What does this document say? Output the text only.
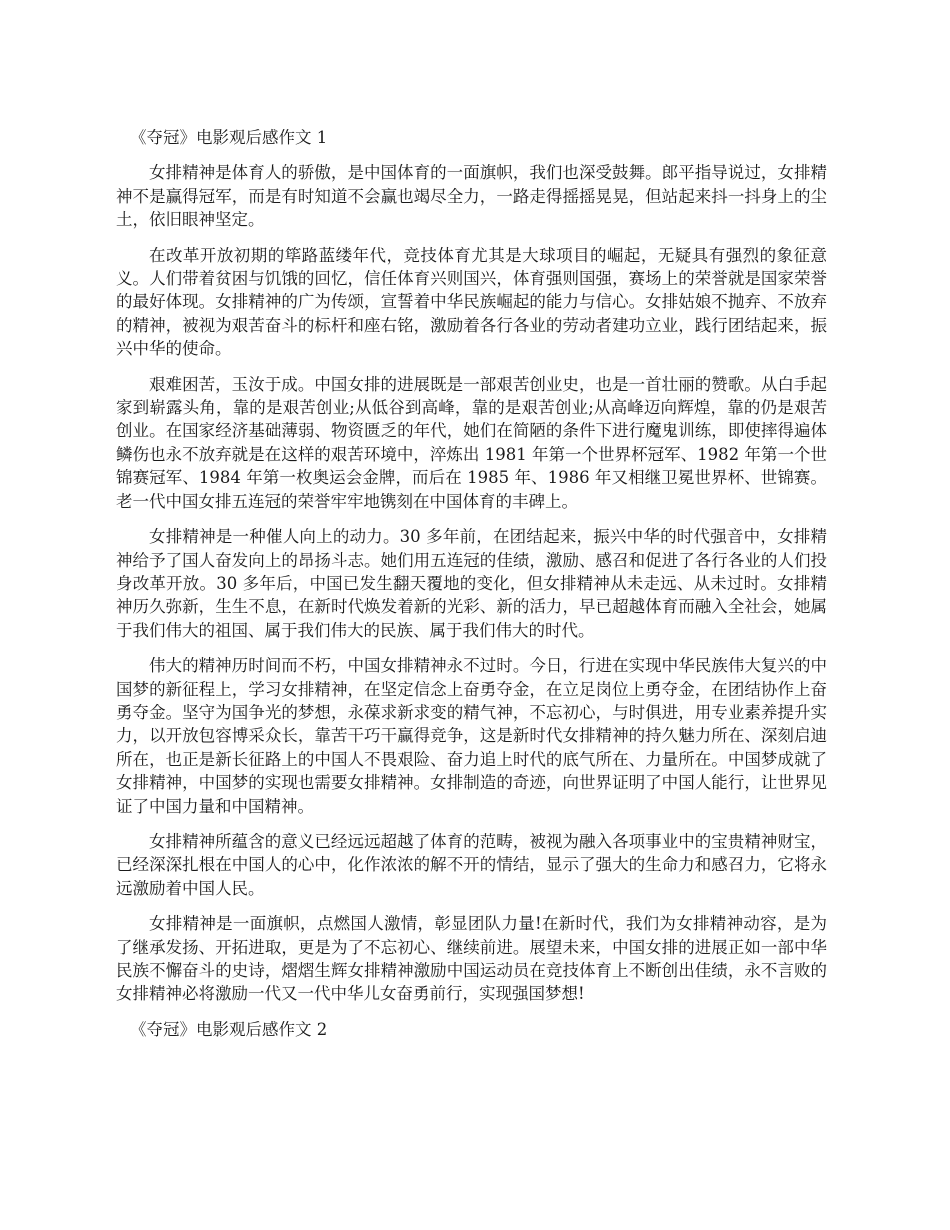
《夺冠》电影观后感作文 1

女排精神是体育人的骄傲，是中国体育的一面旗帜，我们也深受鼓舞。郎平指导说过，女排精神不是赢得冠军，而是有时知道不会赢也竭尽全力，一路走得摇摇晃晃，但站起来抖一抖身上的尘土，依旧眼神坚定。

在改革开放初期的筚路蓝缕年代，竞技体育尤其是大球项目的崛起，无疑具有强烈的象征意义。人们带着贫困与饥饿的回忆，信任体育兴则国兴，体育强则国强，赛场上的荣誉就是国家荣誉的最好体现。女排精神的广为传颂，宣誓着中华民族崛起的能力与信心。女排姑娘不抛弃、不放弃的精神，被视为艰苦奋斗的标杆和座右铭，激励着各行各业的劳动者建功立业，践行团结起来，振兴中华的使命。

艰难困苦，玉汝于成。中国女排的进展既是一部艰苦创业史，也是一首壮丽的赞歌。从白手起家到崭露头角，靠的是艰苦创业;从低谷到高峰，靠的是艰苦创业;从高峰迈向辉煌，靠的仍是艰苦创业。在国家经济基础薄弱、物资匮乏的年代，她们在简陋的条件下进行魔鬼训练，即使摔得遍体鳞伤也永不放弃就是在这样的艰苦环境中，淬炼出 1981 年第一个世界杯冠军、1982 年第一个世锦赛冠军、1984 年第一枚奥运会金牌，而后在 1985 年、1986 年又相继卫冕世界杯、世锦赛。老一代中国女排五连冠的荣誉牢牢地镌刻在中国体育的丰碑上。

女排精神是一种催人向上的动力。30 多年前，在团结起来，振兴中华的时代强音中，女排精神给予了国人奋发向上的昂扬斗志。她们用五连冠的佳绩，激励、感召和促进了各行各业的人们投身改革开放。30 多年后，中国已发生翻天覆地的变化，但女排精神从未走远、从未过时。女排精神历久弥新，生生不息，在新时代焕发着新的光彩、新的活力，早已超越体育而融入全社会，她属于我们伟大的祖国、属于我们伟大的民族、属于我们伟大的时代。

伟大的精神历时间而不朽，中国女排精神永不过时。今日，行进在实现中华民族伟大复兴的中国梦的新征程上，学习女排精神，在坚定信念上奋勇夺金，在立足岗位上勇夺金，在团结协作上奋勇夺金。坚守为国争光的梦想，永葆求新求变的精气神，不忘初心，与时俱进，用专业素养提升实力，以开放包容博采众长，靠苦干巧干赢得竞争，这是新时代女排精神的持久魅力所在、深刻启迪所在，也正是新长征路上的中国人不畏艰险、奋力追上时代的底气所在、力量所在。中国梦成就了女排精神，中国梦的实现也需要女排精神。女排制造的奇迹，向世界证明了中国人能行，让世界见证了中国力量和中国精神。

女排精神所蕴含的意义已经远远超越了体育的范畴，被视为融入各项事业中的宝贵精神财宝，已经深深扎根在中国人的心中，化作浓浓的解不开的情结，显示了强大的生命力和感召力，它将永远激励着中国人民。

女排精神是一面旗帜，点燃国人激情，彰显团队力量!在新时代，我们为女排精神动容，是为了继承发扬、开拓进取，更是为了不忘初心、继续前进。展望未来，中国女排的进展正如一部中华民族不懈奋斗的史诗，熠熠生辉女排精神激励中国运动员在竞技体育上不断创出佳绩，永不言败的女排精神必将激励一代又一代中华儿女奋勇前行，实现强国梦想!

《夺冠》电影观后感作文 2
